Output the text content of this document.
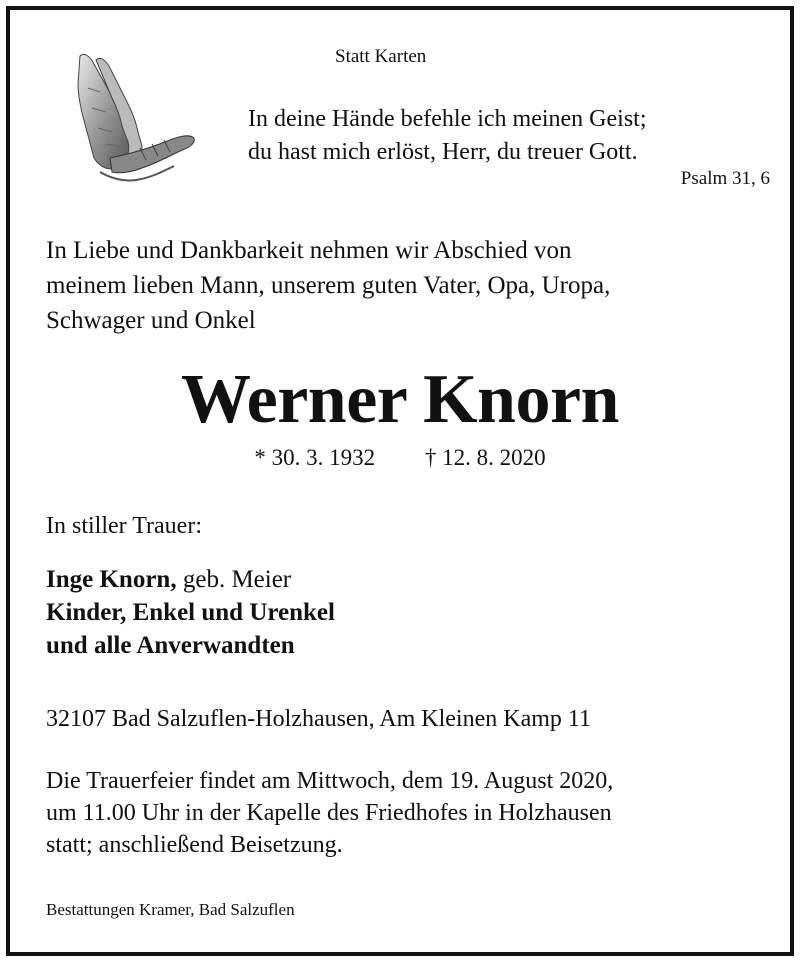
Statt Karten
In deine Hände befehle ich meinen Geist;
du hast mich erlöst, Herr, du treuer Gott.
Psalm 31, 6
In Liebe und Dankbarkeit nehmen wir Abschied von
meinem lieben Mann, unserem guten Vater, Opa, Uropa,
Schwager und Onkel
Werner Knorn
* 30. 3. 1932 † 12. 8. 2020
In stiller Trauer:
Inge Knorn, geb. Meier
Kinder, Enkel und Urenkel
und alle Anverwandten
32107 Bad Salzuflen-Holzhausen, Am Kleinen Kamp 11
Die Trauerfeier findet am Mittwoch, dem 19. August 2020,
um 11.00 Uhr in der Kapelle des Friedhofes in Holzhausen
statt; anschließend Beisetzung.
Bestattungen Kramer, Bad Salzuflen
